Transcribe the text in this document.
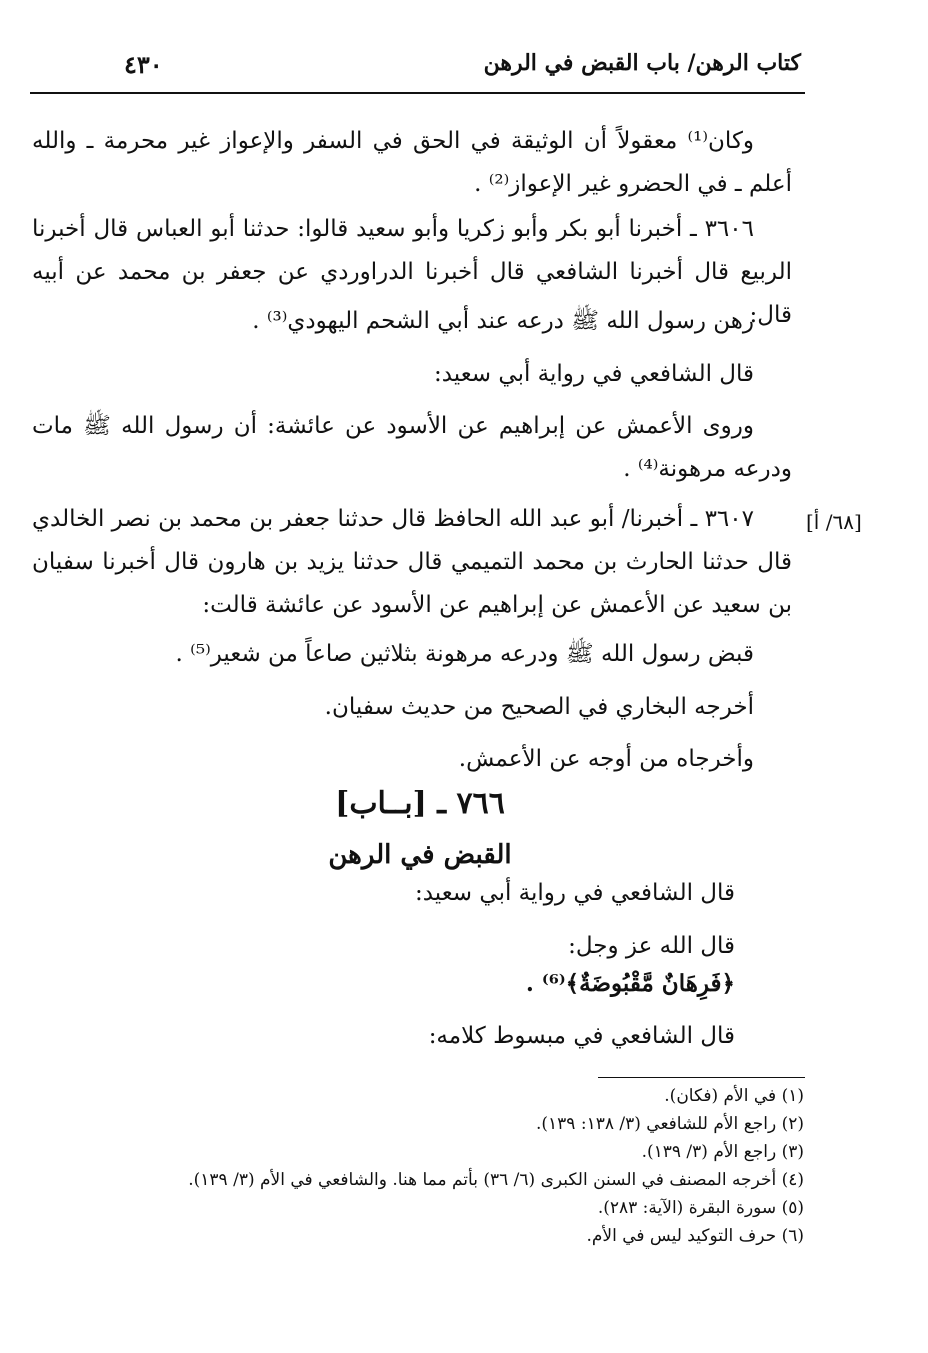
كتاب الرهن/ باب القبض في الرهن
٤٣٠

وكان⁽¹⁾ معقولاً أن الوثيقة في الحق في السفر والإعواز غير محرمة ـ والله أعلم ـ في الحضرو غير الإعواز⁽²⁾ .

٣٦٠٦ ـ أخبرنا أبو بكر وأبو زكريا وأبو سعيد قالوا: حدثنا أبو العباس قال أخبرنا الربيع قال أخبرنا الشافعي قال أخبرنا الدراوردي عن جعفر بن محمد عن أبيه قال:

رهن رسول الله ﷺ درعه عند أبي الشحم اليهودي⁽³⁾ .

قال الشافعي في رواية أبي سعيد:

وروى الأعمش عن إبراهيم عن الأسود عن عائشة: أن رسول الله ﷺ مات ودرعه مرهونة⁽⁴⁾ .

[٦٨/ أ]

٣٦٠٧ ـ أخبرنا/ أبو عبد الله الحافظ قال حدثنا جعفر بن محمد بن نصر الخالدي قال حدثنا الحارث بن محمد التميمي قال حدثنا يزيد بن هارون قال أخبرنا سفيان بن سعيد عن الأعمش عن إبراهيم عن الأسود عن عائشة قالت:

قبض رسول الله ﷺ ودرعه مرهونة بثلاثين صاعاً من شعير⁽⁵⁾ .

أخرجه البخاري في الصحيح من حديث سفيان.

وأخرجاه من أوجه عن الأعمش.

٧٦٦ ـ [بــاب]
القبض في الرهن
قال الشافعي في رواية أبي سعيد:
قال الله عز وجل:
﴿فَرِهَانٌ مَّقْبُوضَةٌ﴾⁽⁶⁾ .
قال الشافعي في مبسوط كلامه:
(١) في الأم (فكان).
(٢) راجع الأم للشافعي (٣/ ١٣٨: ١٣٩).
(٣) راجع الأم (٣/ ١٣٩).
(٤) أخرجه المصنف في السنن الكبرى (٦/ ٣٦) بأتم مما هنا. والشافعي في الأم (٣/ ١٣٩).
(٥) سورة البقرة (الآية: ٢٨٣).
(٦) حرف التوكيد ليس في الأم.
